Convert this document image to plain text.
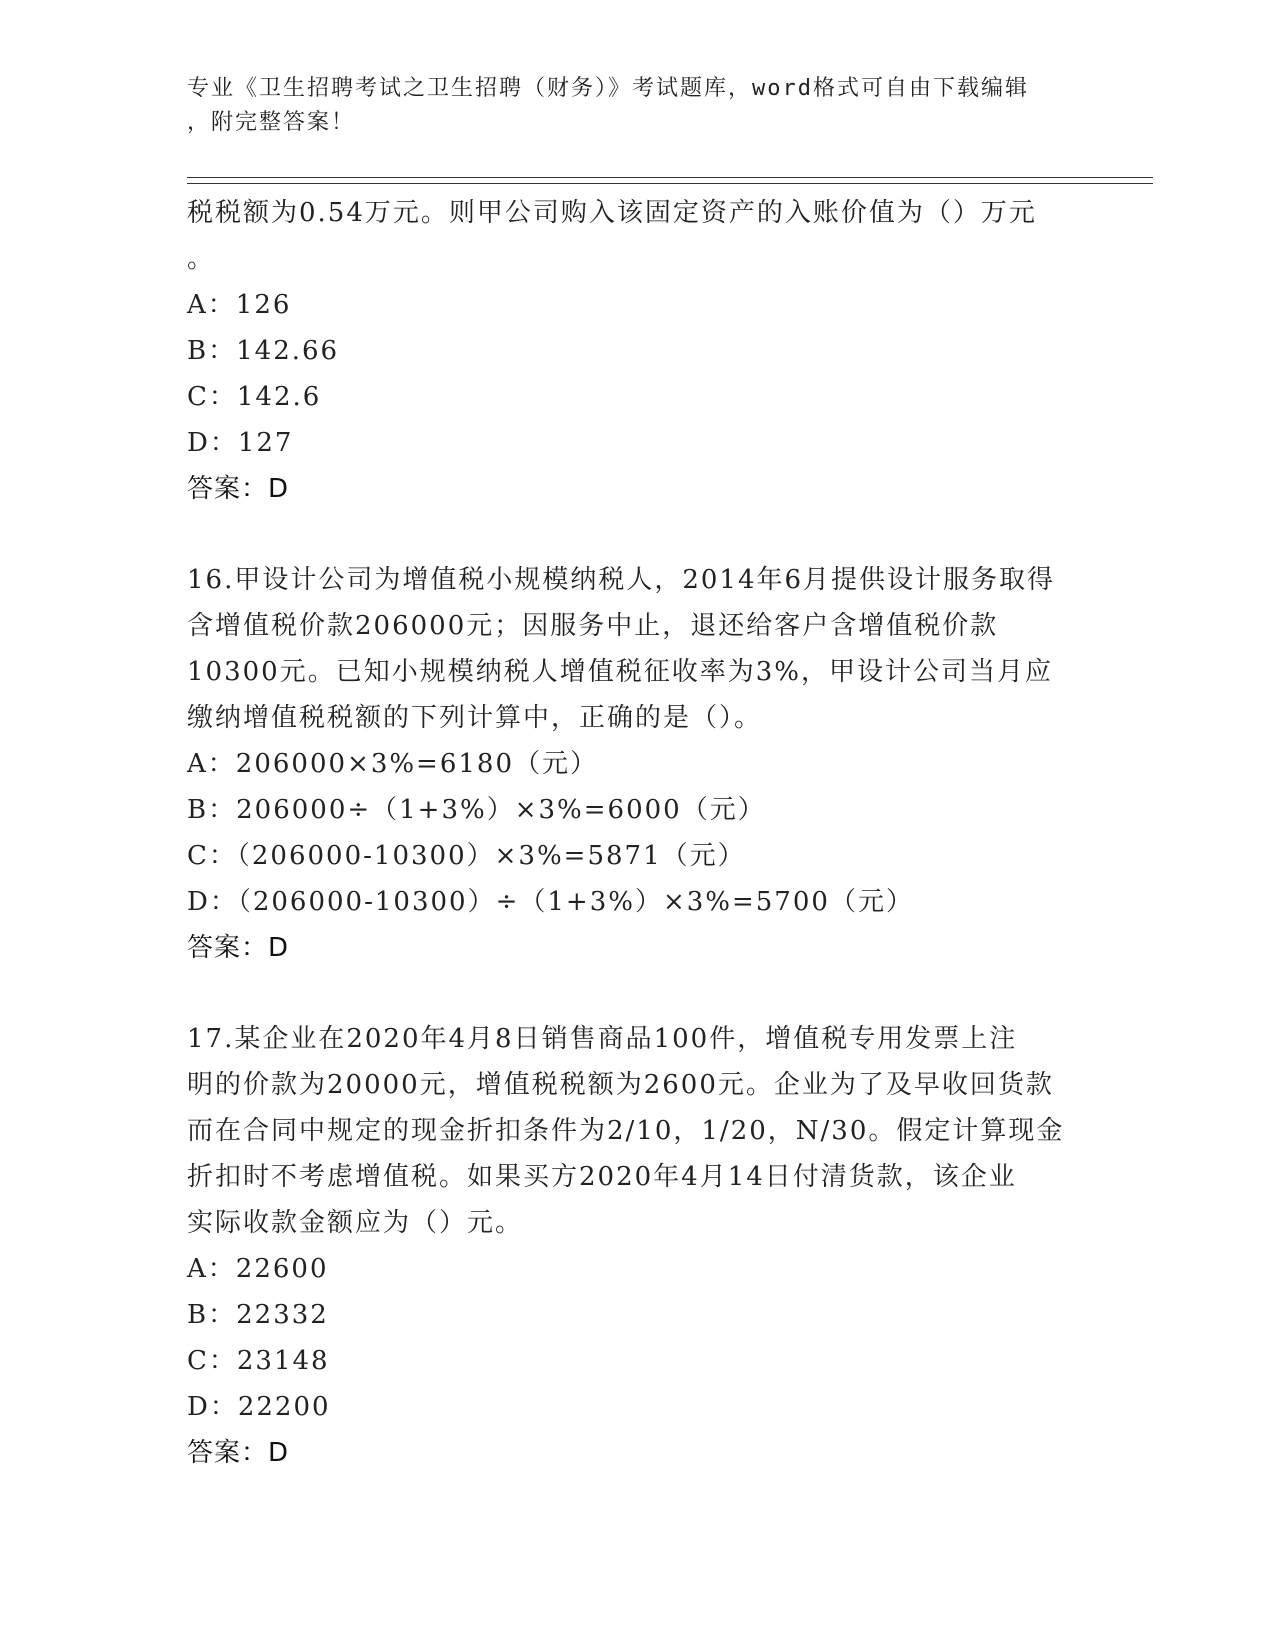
专业《卫生招聘考试之卫生招聘（财务）》考试题库，word格式可自由下载编辑
，附完整答案！
税税额为0.54万元。则甲公司购入该固定资产的入账价值为（）万元
。
A：126
B：142.66
C：142.6
D：127
答案：D
16.甲设计公司为增值税小规模纳税人，2014年6月提供设计服务取得
含增值税价款206000元；因服务中止，退还给客户含增值税价款
10300元。已知小规模纳税人增值税征收率为3%，甲设计公司当月应
缴纳增值税税额的下列计算中，正确的是（）。
A：206000×3%=6180（元）
B：206000÷（1+3%）×3%=6000（元）
C：（206000-10300）×3%=5871（元）
D：（206000-10300）÷（1+3%）×3%=5700（元）
答案：D
17.某企业在2020年4月8日销售商品100件，增值税专用发票上注
明的价款为20000元，增值税税额为2600元。企业为了及早收回货款
而在合同中规定的现金折扣条件为2/10，1/20，N/30。假定计算现金
折扣时不考虑增值税。如果买方2020年4月14日付清货款，该企业
实际收款金额应为（）元。
A：22600
B：22332
C：23148
D：22200
答案：D
